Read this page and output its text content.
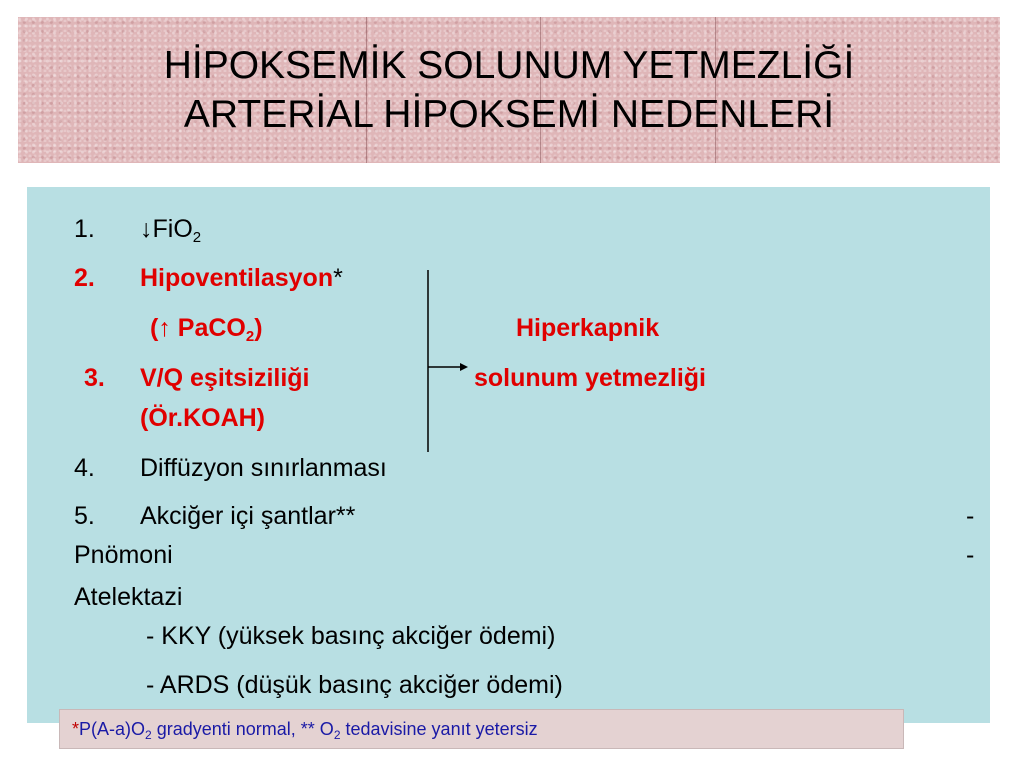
HİPOKSEMİK SOLUNUM YETMEZLİĞİ
ARTERİAL HİPOKSEMİ NEDENLERİ
1. ↓FiO$_2$
2. Hipoventilasyon*
(↑ PaCO$_2$)	Hiperkapnik
3. V/Q eşitsiziliği	solunum yetmezliği
(Ör.KOAH)
4. Diffüzyon sınırlanması
5. Akciğer içi şantlar**	-
Pnömoni	-
Atelektazi
- KKY (yüksek basınç akciğer ödemi)
- ARDS (düşük basınç akciğer ödemi)
$*P(A-a)O_2$ gradyenti normal, ** $O_2$ tedavisine yanıt yetersiz
